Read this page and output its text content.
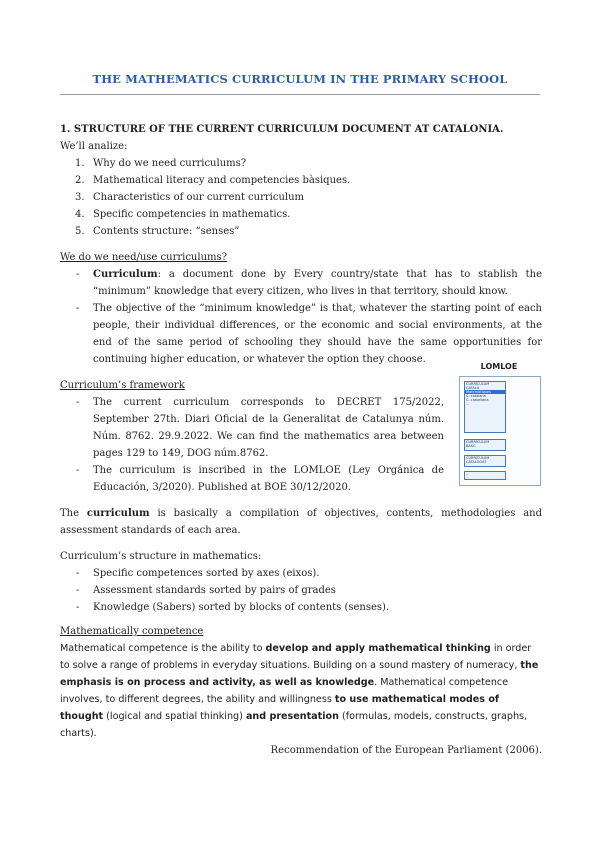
THE MATHEMATICS CURRICULUM IN THE PRIMARY SCHOOL

1. STRUCTURE OF THE CURRENT CURRICULUM DOCUMENT AT CATALONIA.

We’ll analize:

1. Why do we need curriculums?
2. Mathematical literacy and competencies bàsiques.
3. Characteristics of our current curriculum
4. Specific competencies in mathematics.
5. Contents structure: “senses”

We do we need/use curriculums?

- Curriculum: a document done by Every country/state that has to stablish the “minimum” knowledge that every citizen, who lives in that territory, should know.
- The objective of the “minimum knowledge” is that, whatever the starting point of each people, their individual differences, or the economic and social environments, at the end of the same period of schooling they should have the same opportunities for continuing higher education, or whatever the option they choose.

Curriculum’s framework

- The current curriculum corresponds to DECRET 175/2022, September 27th. Diari Oficial de la Generalitat de Catalunya núm. Núm. 8762. 29.9.2022. We can find the mathematics area between pages 129 to 149, DOG núm.8762.
- The curriculum is inscribed in the LOMLOE (Ley Orgánica de Educación, 3/2020). Published at BOE 30/12/2020.

The curriculum is basically a compilation of objectives, contents, methodologies and assessment standards of each area.

Curriculum’s structure in mathematics:

- Specific competences sorted by axes (eixos).
- Assessment standards sorted by pairs of grades
- Knowledge (Sabers) sorted by blocks of contents (senses).

Mathematically competence

Mathematical competence is the ability to develop and apply mathematical thinking in order to solve a range of problems in everyday situations. Building on a sound mastery of numeracy, the emphasis is on process and activity, as well as knowledge. Mathematical competence involves, to different degrees, the ability and willingness to use mathematical modes of thought (logical and spatial thinking) and presentation (formulas, models, constructs, graphs, charts).

Recommendation of the European Parliament (2006).

LOMLOE
CURRÍCULUM
CATALÀ
Matemàtiques
C. catalana
C. castellana
...
CURRÍCULUM
BASC
CURRÍCULUM
CATALOGAT
...
